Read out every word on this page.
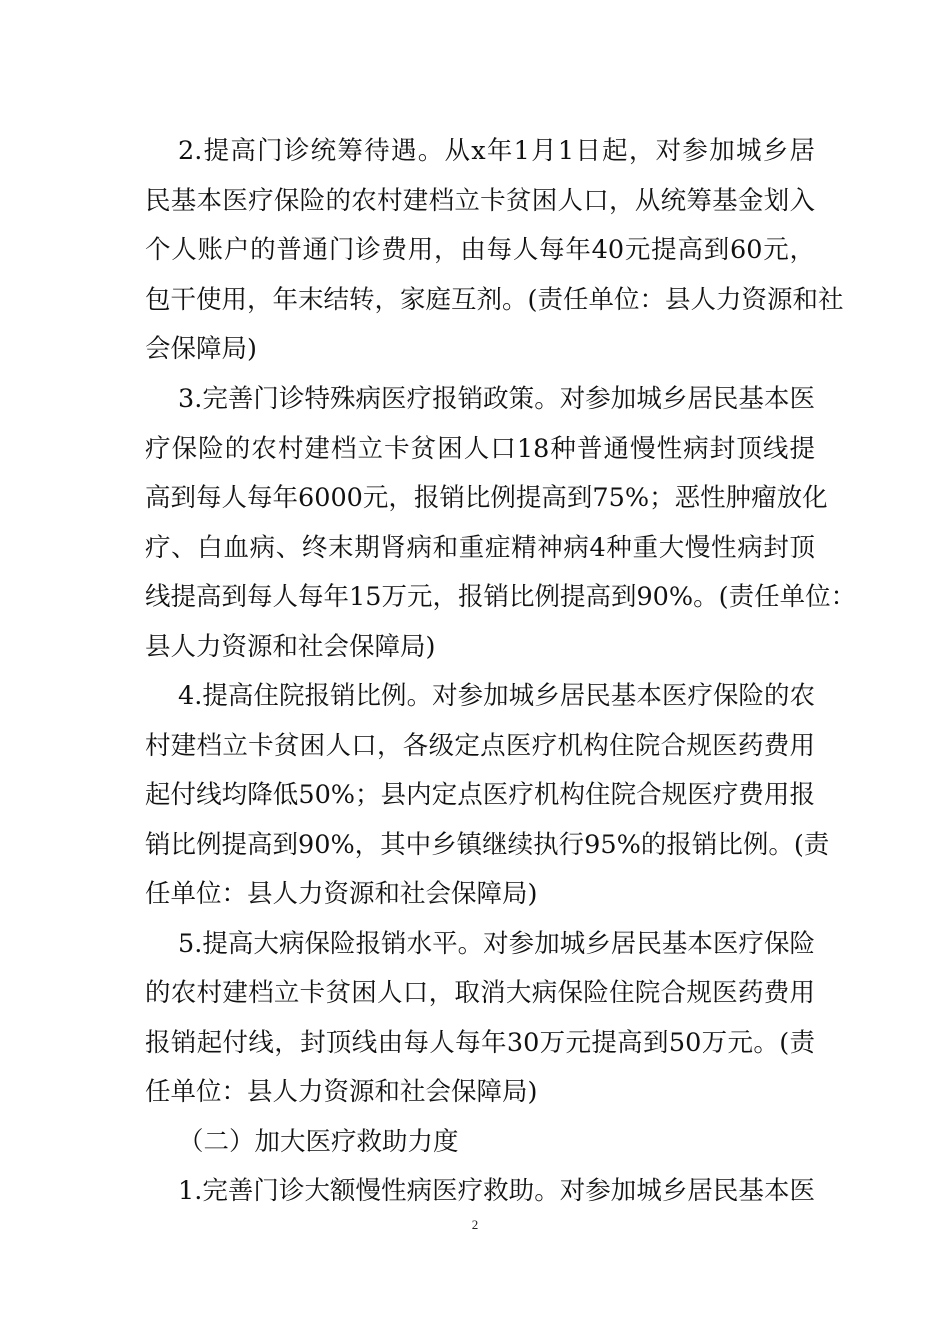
2.提高门诊统筹待遇。从x年1月1日起，对参加城乡居
民基本医疗保险的农村建档立卡贫困人口，从统筹基金划入
个人账户的普通门诊费用，由每人每年40元提高到60元，
包干使用，年末结转，家庭互剂。(责任单位：县人力资源和社
会保障局)
3.完善门诊特殊病医疗报销政策。对参加城乡居民基本医
疗保险的农村建档立卡贫困人口18种普通慢性病封顶线提
高到每人每年6000元，报销比例提高到75%；恶性肿瘤放化
疗、白血病、终末期肾病和重症精神病4种重大慢性病封顶
线提高到每人每年15万元，报销比例提高到90%。(责任单位：
县人力资源和社会保障局)
4.提高住院报销比例。对参加城乡居民基本医疗保险的农
村建档立卡贫困人口，各级定点医疗机构住院合规医药费用
起付线均降低50%；县内定点医疗机构住院合规医疗费用报
销比例提高到90%，其中乡镇继续执行95%的报销比例。(责
任单位：县人力资源和社会保障局)
5.提高大病保险报销水平。对参加城乡居民基本医疗保险
的农村建档立卡贫困人口，取消大病保险住院合规医药费用
报销起付线，封顶线由每人每年30万元提高到50万元。(责
任单位：县人力资源和社会保障局)
（二）加大医疗救助力度
1.完善门诊大额慢性病医疗救助。对参加城乡居民基本医
2
